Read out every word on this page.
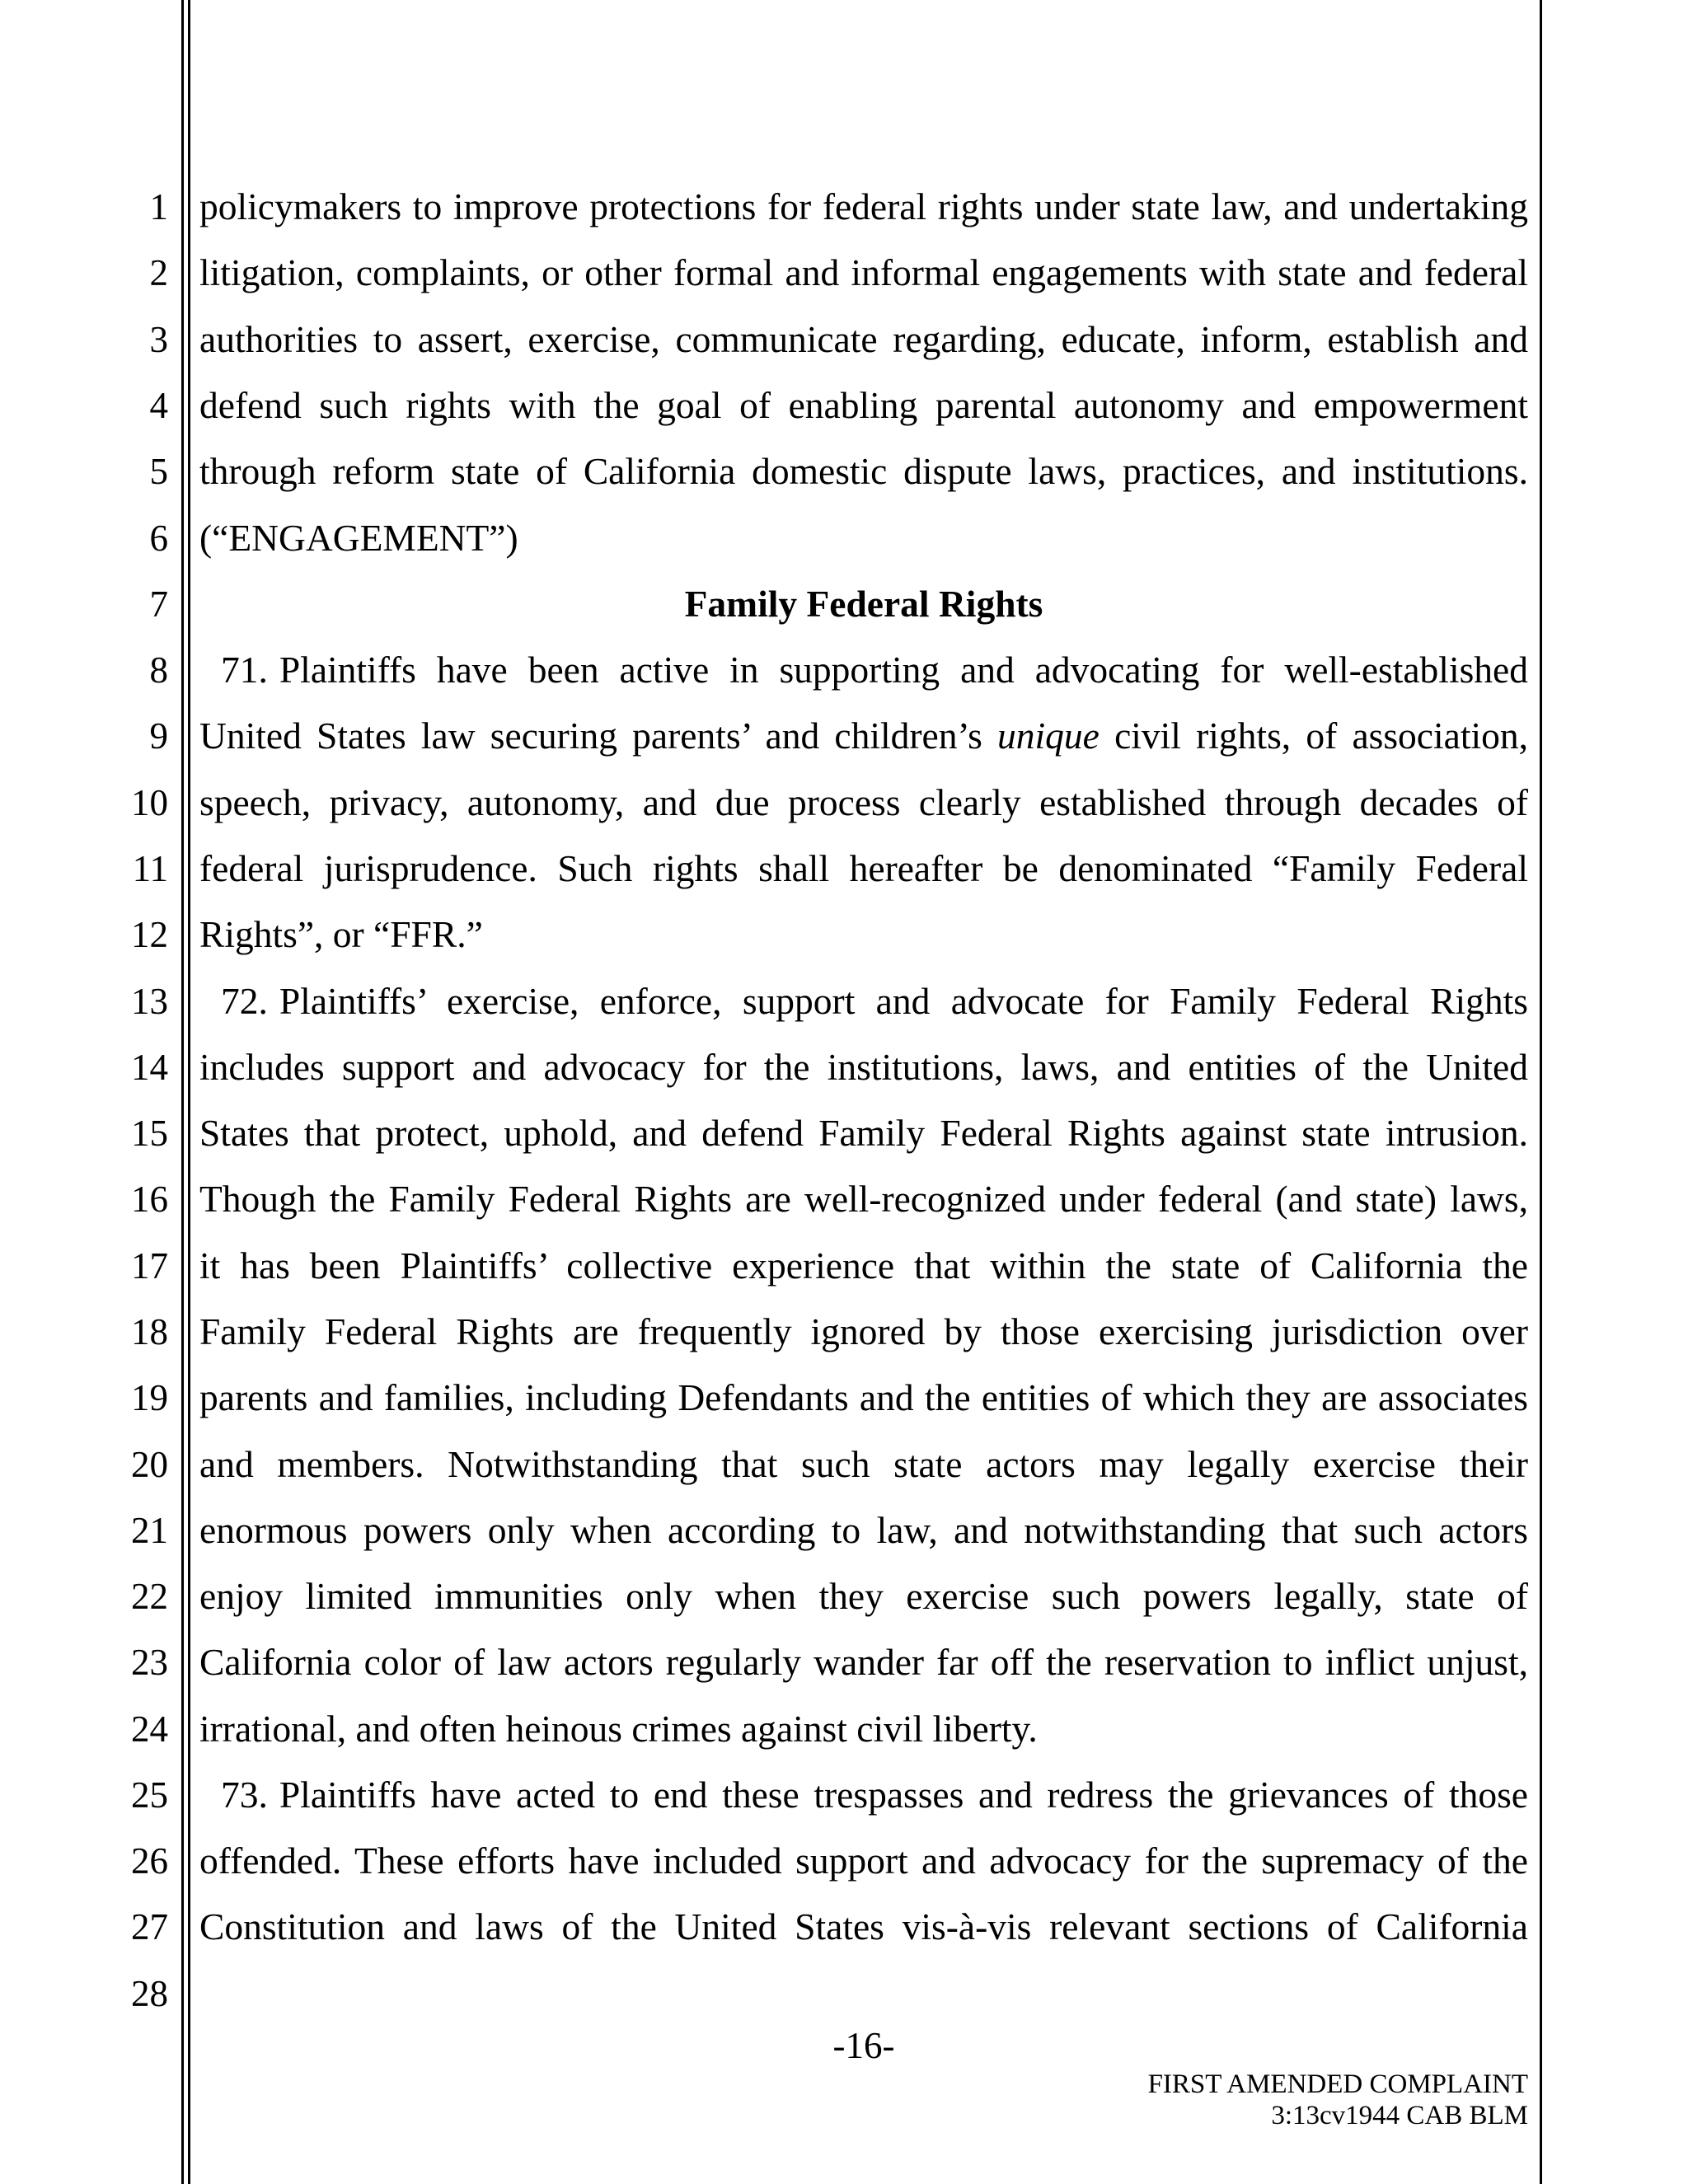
1
2
3
4
5
6
7
8
9
10
11
12
13
14
15
16
17
18
19
20
21
22
23
24
25
26
27
28
policymakers to improve protections for federal rights under state law, and undertaking
litigation, complaints, or other formal and informal engagements with state and federal
authorities to assert, exercise, communicate regarding, educate, inform, establish and
defend such rights with the goal of enabling parental autonomy and empowerment
through reform state of California domestic dispute laws, practices, and institutions.
(“ENGAGEMENT”)
Family Federal Rights
71. Plaintiffs have been active in supporting and advocating for well-established
United States law securing parents’ and children’s unique civil rights, of association,
speech, privacy, autonomy, and due process clearly established through decades of
federal jurisprudence. Such rights shall hereafter be denominated “Family Federal
Rights”, or “FFR.”
72. Plaintiffs’ exercise, enforce, support and advocate for Family Federal Rights
includes support and advocacy for the institutions, laws, and entities of the United
States that protect, uphold, and defend Family Federal Rights against state intrusion.
Though the Family Federal Rights are well-recognized under federal (and state) laws,
it has been Plaintiffs’ collective experience that within the state of California the
Family Federal Rights are frequently ignored by those exercising jurisdiction over
parents and families, including Defendants and the entities of which they are associates
and members. Notwithstanding that such state actors may legally exercise their
enormous powers only when according to law, and notwithstanding that such actors
enjoy limited immunities only when they exercise such powers legally, state of
California color of law actors regularly wander far off the reservation to inflict unjust,
irrational, and often heinous crimes against civil liberty.
73. Plaintiffs have acted to end these trespasses and redress the grievances of those
offended. These efforts have included support and advocacy for the supremacy of the
Constitution and laws of the United States vis-à-vis relevant sections of California
-16-
FIRST AMENDED COMPLAINT
3:13cv1944 CAB BLM
